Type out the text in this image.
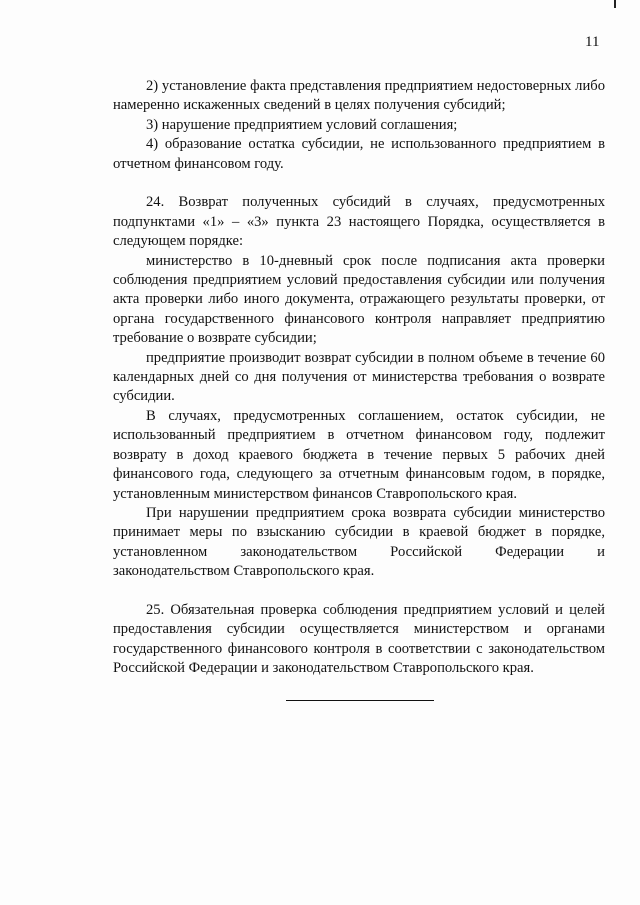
11

2) установление факта представления предприятием недостоверных либо намеренно искаженных сведений в целях получения субсидий;

3) нарушение предприятием условий соглашения;

4) образование остатка субсидии, не использованного предприятием в отчетном финансовом году.

24. Возврат полученных субсидий в случаях, предусмотренных подпунктами «1» – «3» пункта 23 настоящего Порядка, осуществляется в следующем порядке:

министерство в 10-дневный срок после подписания акта проверки соблюдения предприятием условий предоставления субсидии или получения акта проверки либо иного документа, отражающего результаты проверки, от органа государственного финансового контроля направляет предприятию требование о возврате субсидии;

предприятие производит возврат субсидии в полном объеме в течение 60 календарных дней со дня получения от министерства требования о возврате субсидии.

В случаях, предусмотренных соглашением, остаток субсидии, не использованный предприятием в отчетном финансовом году, подлежит возврату в доход краевого бюджета в течение первых 5 рабочих дней финансового года, следующего за отчетным финансовым годом, в порядке, установленным министерством финансов Ставропольского края.

При нарушении предприятием срока возврата субсидии министерство принимает меры по взысканию субсидии в краевой бюджет в порядке, установленном законодательством Российской Федерации и законодательством Ставропольского края.

25. Обязательная проверка соблюдения предприятием условий и целей предоставления субсидии осуществляется министерством и органами государственного финансового контроля в соответствии с законодательством Российской Федерации и законодательством Ставропольского края.
